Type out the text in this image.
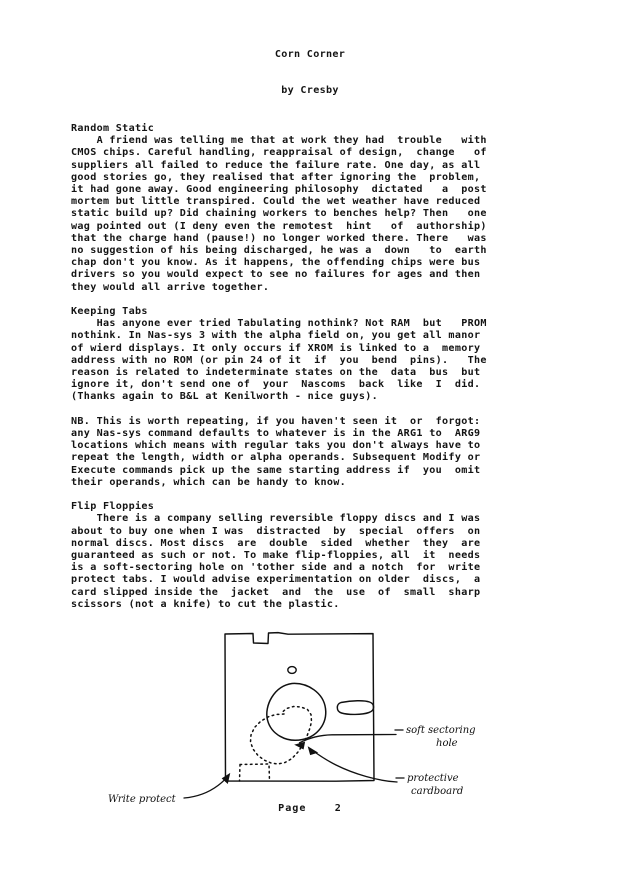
Corn Corner
by Cresby
Random Static
A friend was telling me that at work they had  trouble   with
CMOS chips. Careful handling, reappraisal of design,  change   of
suppliers all failed to reduce the failure rate. One day, as all
good stories go, they realised that after ignoring the  problem,
it had gone away. Good engineering philosophy  dictated   a  post
mortem but little transpired. Could the wet weather have reduced
static build up? Did chaining workers to benches help? Then   one
wag pointed out (I deny even the remotest  hint   of  authorship)
that the charge hand (pause!) no longer worked there. There   was
no suggestion of his being discharged, he was a  down   to  earth
chap don't you know. As it happens, the offending chips were bus
drivers so you would expect to see no failures for ages and then
they would all arrive together.
Keeping Tabs
Has anyone ever tried Tabulating nothink? Not RAM  but   PROM
nothink. In Nas-sys 3 with the alpha field on, you get all manor
of wierd displays. It only occurs if XROM is linked to a  memory
address with no ROM (or pin 24 of it  if  you  bend  pins).   The
reason is related to indeterminate states on the  data  bus  but
ignore it, don't send one of  your  Nascoms  back  like  I  did.
(Thanks again to B&L at Kenilworth - nice guys).
NB. This is worth repeating, if you haven't seen it  or  forgot:
any Nas-sys command defaults to whatever is in the ARG1 to  ARG9
locations which means with regular taks you don't always have to
repeat the length, width or alpha operands. Subsequent Modify or
Execute commands pick up the same starting address if  you  omit
their operands, which can be handy to know.
Flip Floppies
There is a company selling reversible floppy discs and I was
about to buy one when I was  distracted  by  special  offers  on
normal discs. Most discs  are  double  sided  whether  they  are
guaranteed as such or not. To make flip-floppies, all  it  needs
is a soft-sectoring hole on 'tother side and a notch  for  write
protect tabs. I would advise experimentation on older  discs,  a
card slipped inside the  jacket  and  the  use  of  small  sharp
scissors (not a knife) to cut the plastic.
soft sectoring
hole
protective
cardboard
Write protect
Page    2
